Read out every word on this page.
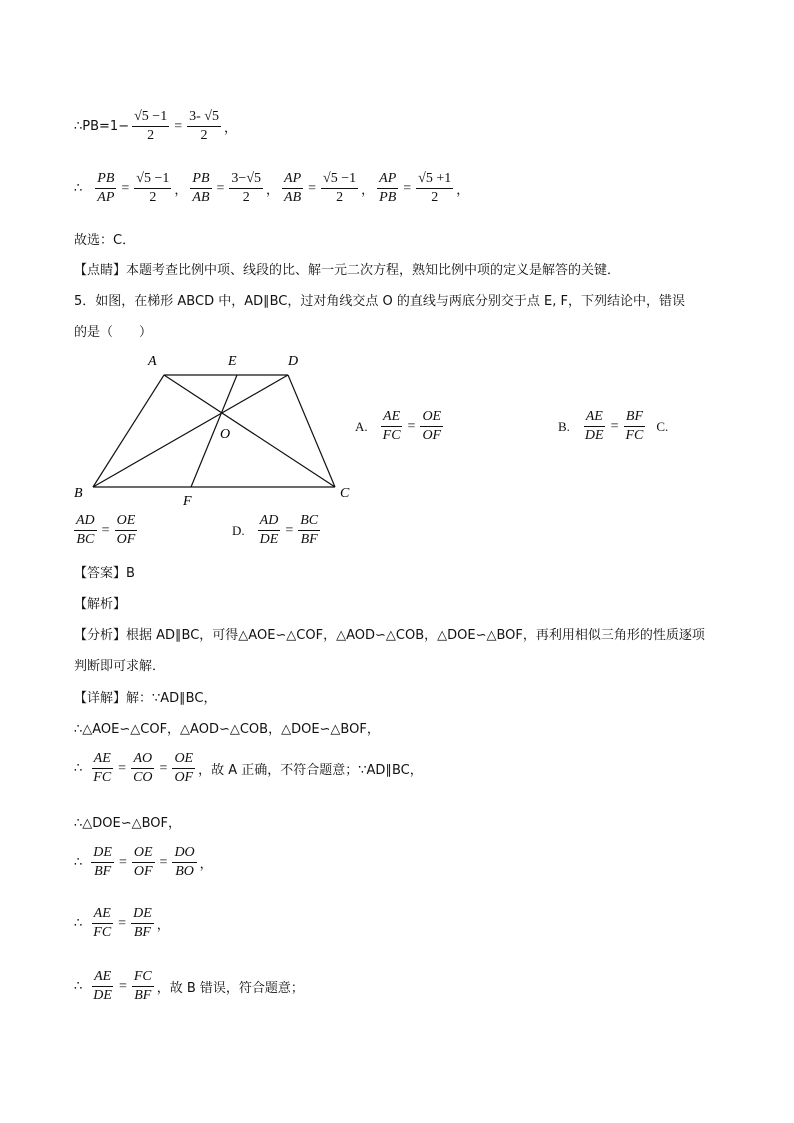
∴ $PB=1- \frac{√5 -1}{2} = \frac{3- √5}{2}$ ，
∴ $\frac{PB}{AP} = \frac{√5 -1}{2}$ ， $\frac{PB}{AB} = \frac{3-√5}{2}$ ， $\frac{AP}{AB} = \frac{√5 -1}{2}$ ， $\frac{AP}{PB} = \frac{√5 +1}{2}$ ，
故选：C．
【点睛】本题考查比例中项、线段的比、解一元二次方程，熟知比例中项的定义是解答的关键．
5．如图，在梯形 ABCD 中，AD∥BC，过对角线交点 O 的直线与两底分别交于点 E, F，下列结论中，错误
的是（　　）
A	E	D
O
B
F
C
A. $\frac{AE}{FC} = \frac{OE}{OF}$	B. $\frac{AE}{DE} = \frac{BF}{FC} C$.
$\frac{AD}{BC} = \frac{OE}{OF}$	D. $\frac{AD}{DE} = \frac{BC}{BF}$
【答案】B
【解析】
【分析】根据 AD∥BC，可得△AOE∽△COF，△AOD∽△COB，△DOE∽△BOF，再利用相似三角形的性质逐项
判断即可求解．
【详解】解：∵AD∥BC，
∴△AOE∽△COF，△AOD∽△COB，△DOE∽△BOF，
∴ $\frac{AE}{FC} = \frac{AO}{CO} = \frac{OE}{OF}$ ，故 A 正确，不符合题意；∵AD∥BC，
∴△DOE∽△BOF，
∴ $\frac{DE}{BF} = \frac{OE}{OF} = \frac{DO}{BO}$ ，
∴ $\frac{AE}{FC} = \frac{DE}{BF}$ ，
∴ $\frac{AE}{DE} = \frac{FC}{BF}$ ，故 B 错误，符合题意；
